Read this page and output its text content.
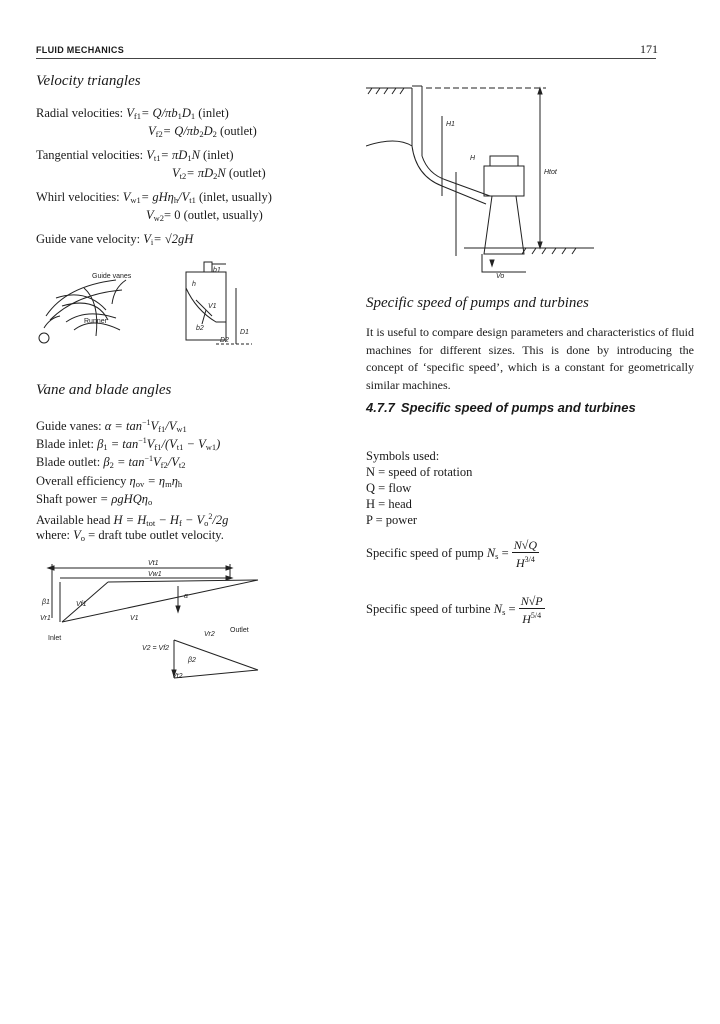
FLUID MECHANICS	171
Velocity triangles
Radial velocities: $V_{f1}= Q/\pi b_1D_1$ (inlet)
$V_{f2}= Q/\pi b_2D_2$ (outlet)
Tangential velocities: $V_{t1}= \pi D_1N$ (inlet)
$V_{t2}= \pi D_2N$ (outlet)
Whirl velocities: $V_{w1}= gH\eta_h/V_{t1}$ (inlet, usually)
$V_{w2}= 0$ (outlet, usually)
Guide vane velocity: $V_i= √2gH$
Guide vanes
Runner
h
b1
V1
b2
D1
D2
Vane and blade angles
Guide vanes: $\alpha = \tan^{-1}V_{f1}/V_{w1}$
Blade inlet: $\beta_1 = \tan^{-1}V_{f1}/(V_{t1} - V_{w1})$
Blade outlet: $\beta_2 = \tan^{-1}V_{f2}/V_{t2}$
Overall efficiency $\eta_{ov} = \eta_m\eta_h$
Shaft power = ρgHQη$_o$
Available head $H = H_{tot} - H_f - V_o^2/2g$
where: $V_o$ = draft tube outlet velocity.
Vt1
Vw1
α
β1	Vf1
Vr1	V1
Inlet
Vr2
Outlet
V2 = Vf2
β2
Vt2
H1
H
Htot
Vo
Specific speed of pumps and turbines
It is useful to compare design parameters and characteristics of fluid machines for different sizes. This is done by introducing the concept of ‘specific speed’, which is a constant for geometrically similar machines.
4.7.7 Specific speed of pumps and turbines
Symbols used:
N = speed of rotation
Q = flow
H = head
P = power
Specific speed of pump $N_s = \frac{N√Q}{H^{3/4}}$
Specific speed of turbine $N_s = \frac{N√P}{H^{5/4}}$
